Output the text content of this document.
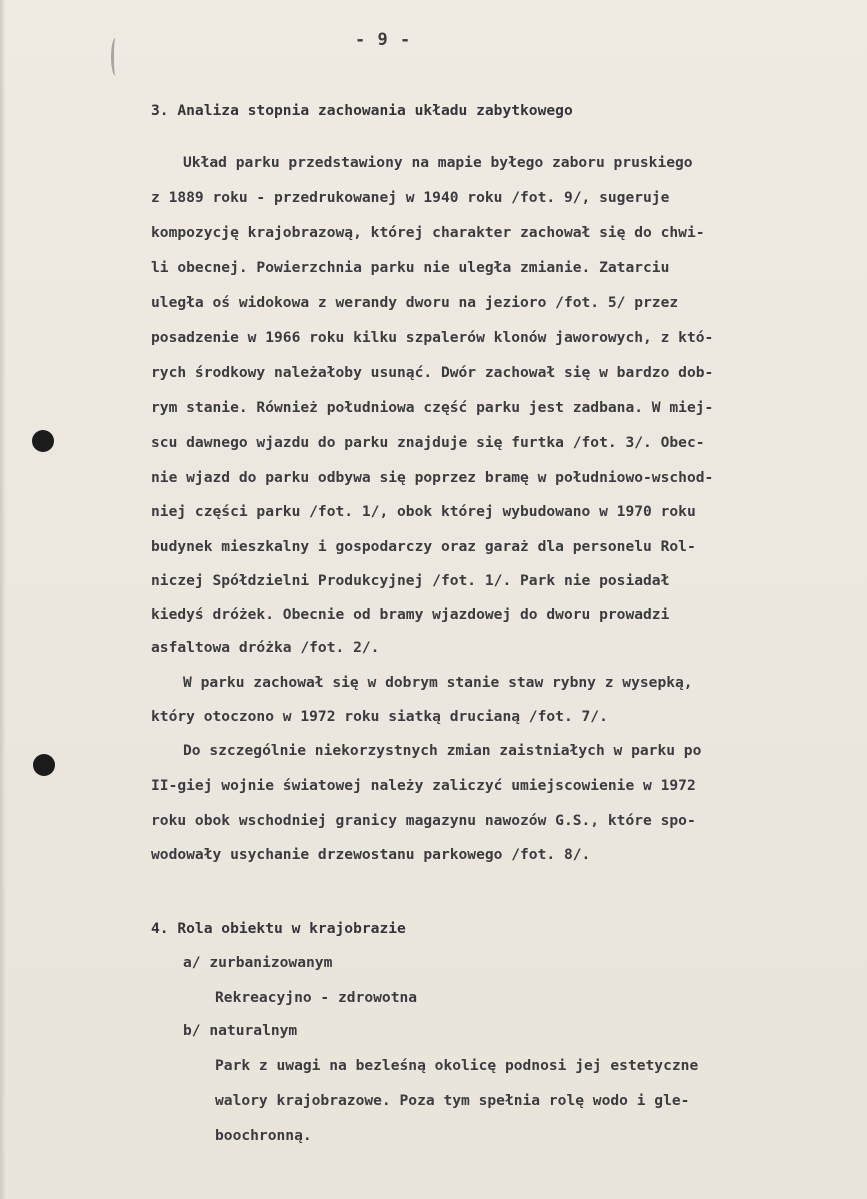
- 9 -
3. Analiza stopnia zachowania układu zabytkowego
Układ parku przedstawiony na mapie byłego zaboru pruskiego
z 1889 roku - przedrukowanej w 1940 roku /fot. 9/, sugeruje
kompozycję krajobrazową, której charakter zachował się do chwi-
li obecnej. Powierzchnia parku nie uległa zmianie. Zatarciu
uległa oś widokowa z werandy dworu na jezioro /fot. 5/ przez
posadzenie w 1966 roku kilku szpalerów klonów jaworowych, z któ-
rych środkowy należałoby usunąć. Dwór zachował się w bardzo dob-
rym stanie. Również południowa część parku jest zadbana. W miej-
scu dawnego wjazdu do parku znajduje się furtka /fot. 3/. Obec-
nie wjazd do parku odbywa się poprzez bramę w południowo-wschod-
niej części parku /fot. 1/, obok której wybudowano w 1970 roku
budynek mieszkalny i gospodarczy oraz garaż dla personelu Rol-
niczej Spółdzielni Produkcyjnej /fot. 1/. Park nie posiadał
kiedyś dróżek. Obecnie od bramy wjazdowej do dworu prowadzi
asfaltowa dróżka /fot. 2/.
W parku zachował się w dobrym stanie staw rybny z wysepką,
który otoczono w 1972 roku siatką drucianą /fot. 7/.
Do szczególnie niekorzystnych zmian zaistniałych w parku po
II-giej wojnie światowej należy zaliczyć umiejscowienie w 1972
roku obok wschodniej granicy magazynu nawozów G.S., które spo-
wodowały usychanie drzewostanu parkowego /fot. 8/.
4. Rola obiektu w krajobrazie
a/ zurbanizowanym
Rekreacyjno - zdrowotna
b/ naturalnym
Park z uwagi na bezleśną okolicę podnosi jej estetyczne
walory krajobrazowe. Poza tym spełnia rolę wodo i gle-
boochronną.
